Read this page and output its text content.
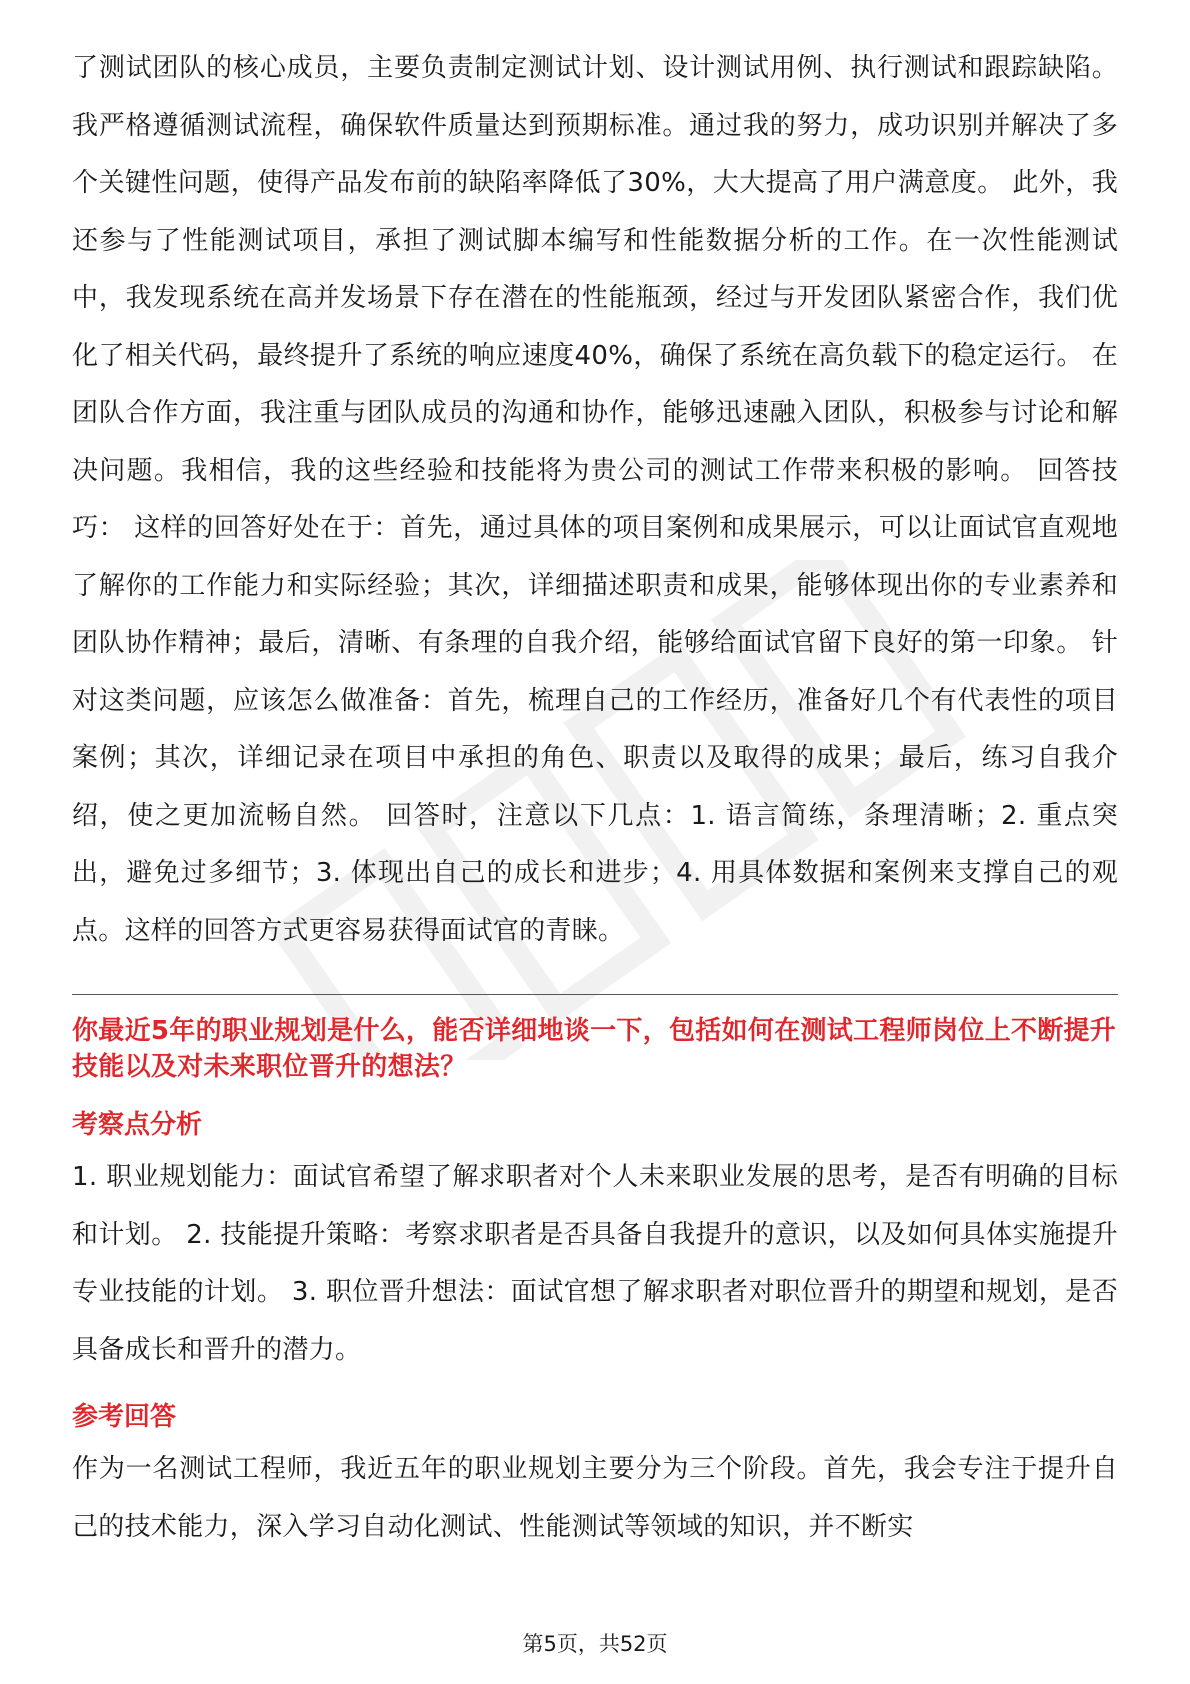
了测试团队的核心成员，主要负责制定测试计划、设计测试用例、执行测试和跟踪缺陷。我严格遵循测试流程，确保软件质量达到预期标准。通过我的努力，成功识别并解决了多个关键性问题，使得产品发布前的缺陷率降低了30%，大大提高了用户满意度。 此外，我还参与了性能测试项目，承担了测试脚本编写和性能数据分析的工作。在一次性能测试中，我发现系统在高并发场景下存在潜在的性能瓶颈，经过与开发团队紧密合作，我们优化了相关代码，最终提升了系统的响应速度40%，确保了系统在高负载下的稳定运行。 在团队合作方面，我注重与团队成员的沟通和协作，能够迅速融入团队，积极参与讨论和解决问题。我相信，我的这些经验和技能将为贵公司的测试工作带来积极的影响。 回答技巧： 这样的回答好处在于：首先，通过具体的项目案例和成果展示，可以让面试官直观地了解你的工作能力和实际经验；其次，详细描述职责和成果，能够体现出你的专业素养和团队协作精神；最后，清晰、有条理的自我介绍，能够给面试官留下良好的第一印象。 针对这类问题，应该怎么做准备：首先，梳理自己的工作经历，准备好几个有代表性的项目案例；其次，详细记录在项目中承担的角色、职责以及取得的成果；最后，练习自我介绍，使之更加流畅自然。 回答时，注意以下几点：1. 语言简练，条理清晰；2. 重点突出，避免过多细节；3. 体现出自己的成长和进步；4. 用具体数据和案例来支撑自己的观点。这样的回答方式更容易获得面试官的青睐。

你最近5年的职业规划是什么，能否详细地谈一下，包括如何在测试工程师岗位上不断提升技能以及对未来职位晋升的想法？

考察点分析

1. 职业规划能力：面试官希望了解求职者对个人未来职业发展的思考，是否有明确的目标和计划。 2. 技能提升策略：考察求职者是否具备自我提升的意识，以及如何具体实施提升专业技能的计划。 3. 职位晋升想法：面试官想了解求职者对职位晋升的期望和规划，是否具备成长和晋升的潜力。

参考回答

作为一名测试工程师，我近五年的职业规划主要分为三个阶段。首先，我会专注于提升自己的技术能力，深入学习自动化测试、性能测试等领域的知识，并不断实

第5页，共52页
